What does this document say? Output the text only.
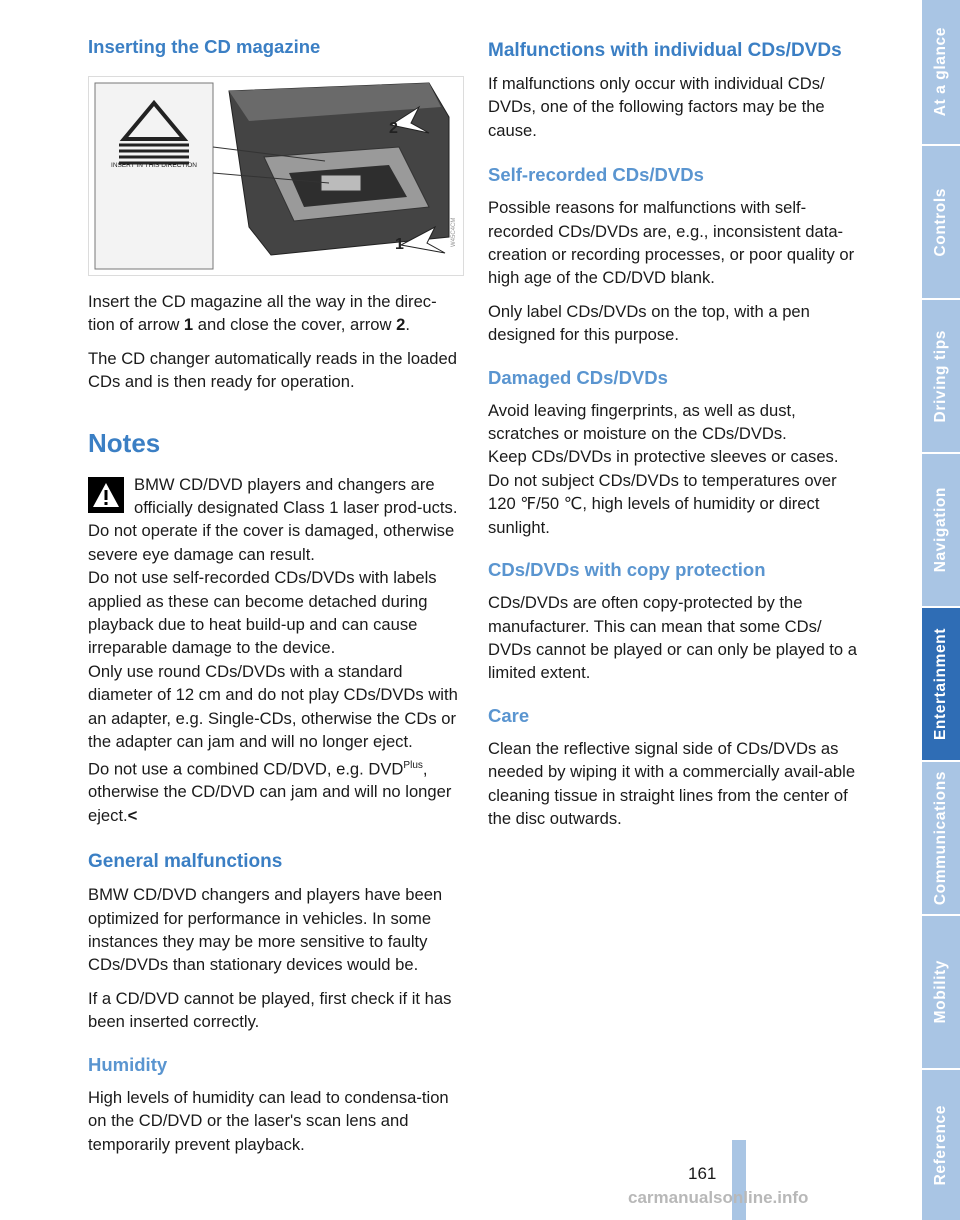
Inserting the CD magazine
INSERT IN THIS DIRECTION
2
1	W45C4CM

Insert the CD magazine all the way in the direc-tion of arrow 1 and close the cover, arrow 2.

The CD changer automatically reads in the loaded CDs and is then ready for operation.

Notes

BMW CD/DVD players and changers are officially designated Class 1 laser prod-ucts. Do not operate if the cover is damaged, otherwise severe eye damage can result.

Do not use self-recorded CDs/DVDs with labels applied as these can become detached during playback due to heat build-up and can cause irreparable damage to the device.

Only use round CDs/DVDs with a standard diameter of 12 cm and do not play CDs/DVDs with an adapter, e.g. Single-CDs, otherwise the CDs or the adapter can jam and will no longer eject.

Do not use a combined CD/DVD, e.g. $DVD^{Plus}$, otherwise the CD/DVD can jam and will no longer eject.<

General malfunctions

BMW CD/DVD changers and players have been optimized for performance in vehicles. In some instances they may be more sensitive to faulty CDs/DVDs than stationary devices would be.

If a CD/DVD cannot be played, first check if it has been inserted correctly.

Humidity

High levels of humidity can lead to condensa-tion on the CD/DVD or the laser's scan lens and temporarily prevent playback.

Malfunctions with individual CDs/DVDs

If malfunctions only occur with individual CDs/ DVDs, one of the following factors may be the cause.

Self-recorded CDs/DVDs

Possible reasons for malfunctions with self-recorded CDs/DVDs are, e.g., inconsistent data-creation or recording processes, or poor quality or high age of the CD/DVD blank.

Only label CDs/DVDs on the top, with a pen designed for this purpose.

Damaged CDs/DVDs

Avoid leaving fingerprints, as well as dust, scratches or moisture on the CDs/DVDs.

Keep CDs/DVDs in protective sleeves or cases.

Do not subject CDs/DVDs to temperatures over 120 ℉/50 ℃, high levels of humidity or direct sunlight.

CDs/DVDs with copy protection

CDs/DVDs are often copy-protected by the manufacturer. This can mean that some CDs/ DVDs cannot be played or can only be played to a limited extent.

Care

Clean the reflective signal side of CDs/DVDs as needed by wiping it with a commercially avail-able cleaning tissue in straight lines from the center of the disc outwards.

At a glance
Controls
Driving tips
Navigation
Entertainment
Communications
Mobility
Reference
161
carmanualsonline.info
